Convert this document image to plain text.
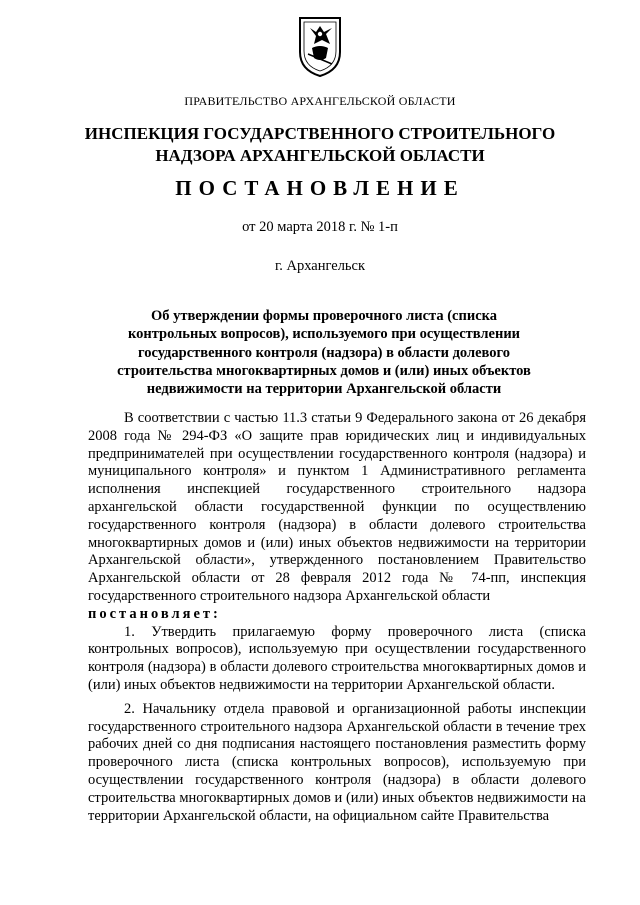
ПРАВИТЕЛЬСТВО АРХАНГЕЛЬСКОЙ ОБЛАСТИ
ИНСПЕКЦИЯ ГОСУДАРСТВЕННОГО СТРОИТЕЛЬНОГО
НАДЗОРА АРХАНГЕЛЬСКОЙ ОБЛАСТИ
ПОСТАНОВЛЕНИЕ
от 20 марта 2018 г. № 1-п
г. Архангельск
Об утверждении формы проверочного листа (списка контрольных вопросов), используемого при осуществлении государственного контроля (надзора) в области долевого строительства многоквартирных домов и (или) иных объектов недвижимости на территории Архангельской области

В соответствии с частью 11.3 статьи 9 Федерального закона от 26 декабря 2008 года № 294-ФЗ «О защите прав юридических лиц и индивидуальных предпринимателей при осуществлении государственного контроля (надзора) и муниципального контроля» и пунктом 1 Административного регламента исполнения инспекцией государственного строительного надзора архангельской области государственной функции по осуществлению государственного контроля (надзора) в области долевого строительства многоквартирных домов и (или) иных объектов недвижимости на территории Архангельской области», утвержденного постановлением Правительство Архангельской области от 28 февраля 2012 года № 74-пп, инспекция государственного строительного надзора Архангельской области

постановляет:

1. Утвердить прилагаемую форму проверочного листа (списка контрольных вопросов), используемую при осуществлении государственного контроля (надзора) в области долевого строительства многоквартирных домов и (или) иных объектов недвижимости на территории Архангельской области.

2. Начальнику отдела правовой и организационной работы инспекции государственного строительного надзора Архангельской области в течение трех рабочих дней со дня подписания настоящего постановления разместить форму проверочного листа (списка контрольных вопросов), используемую при осуществлении государственного контроля (надзора) в области долевого строительства многоквартирных домов и (или) иных объектов недвижимости на территории Архангельской области, на официальном сайте Правительства
